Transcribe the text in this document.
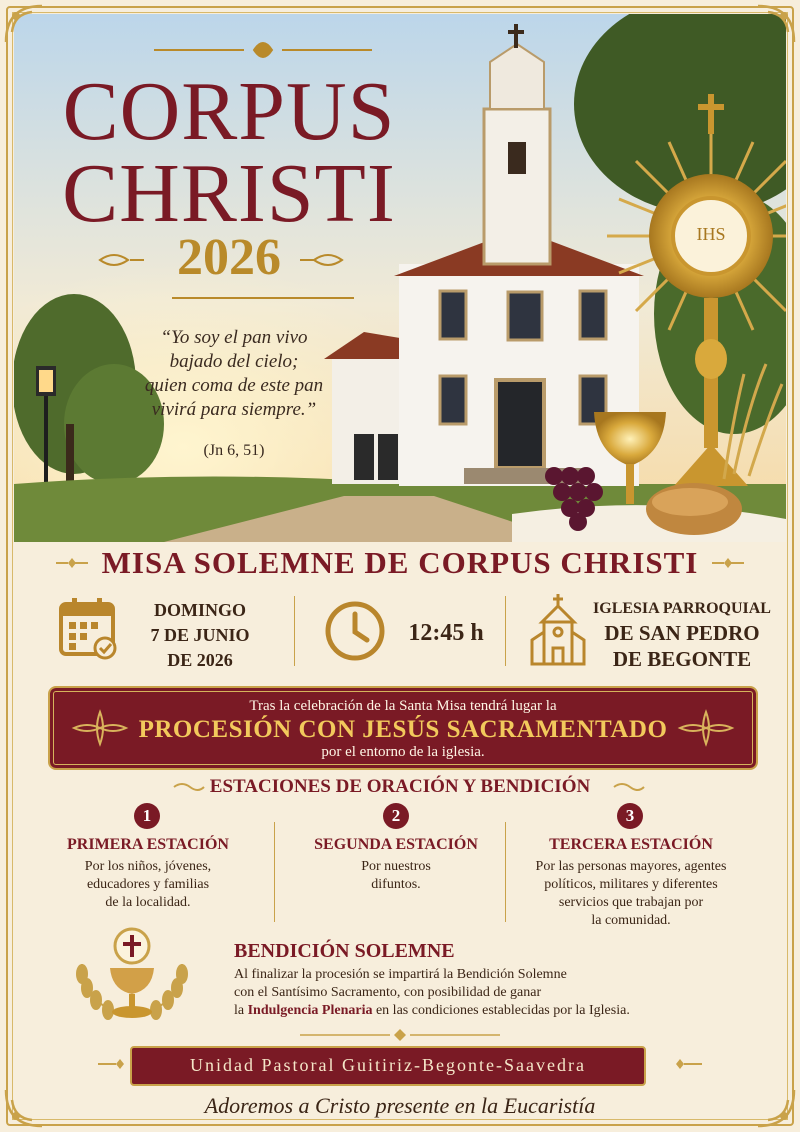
CORPUS
CHRISTI
2026
“Yo soy el pan vivo
bajado del cielo;
quien coma de este pan
vivirá para siempre.”
(Jn 6, 51)
IHS
MISA SOLEMNE DE CORPUS CHRISTI
DOMINGO
7 DE JUNIO
DE 2026
12:45 h
IGLESIA PARROQUIAL
DE SAN PEDRO
DE BEGONTE
Tras la celebración de la Santa Misa tendrá lugar la
PROCESIÓN CON JESÚS SACRAMENTADO
por el entorno de la iglesia.
ESTACIONES DE ORACIÓN Y BENDICIÓN
1
PRIMERA ESTACIÓN
Por los niños, jóvenes,
educadores y familias
de la localidad.
2
SEGUNDA ESTACIÓN
Por nuestros
difuntos.
3
TERCERA ESTACIÓN
Por las personas mayores, agentes
políticos, militares y diferentes
servicios que trabajan por
la comunidad.
BENDICIÓN SOLEMNE
Al finalizar la procesión se impartirá la Bendición Solemne
con el Santísimo Sacramento, con posibilidad de ganar
la Indulgencia Plenaria en las condiciones establecidas por la Iglesia.
Unidad Pastoral Guitiriz-Begonte-Saavedra
Adoremos a Cristo presente en la Eucaristía
